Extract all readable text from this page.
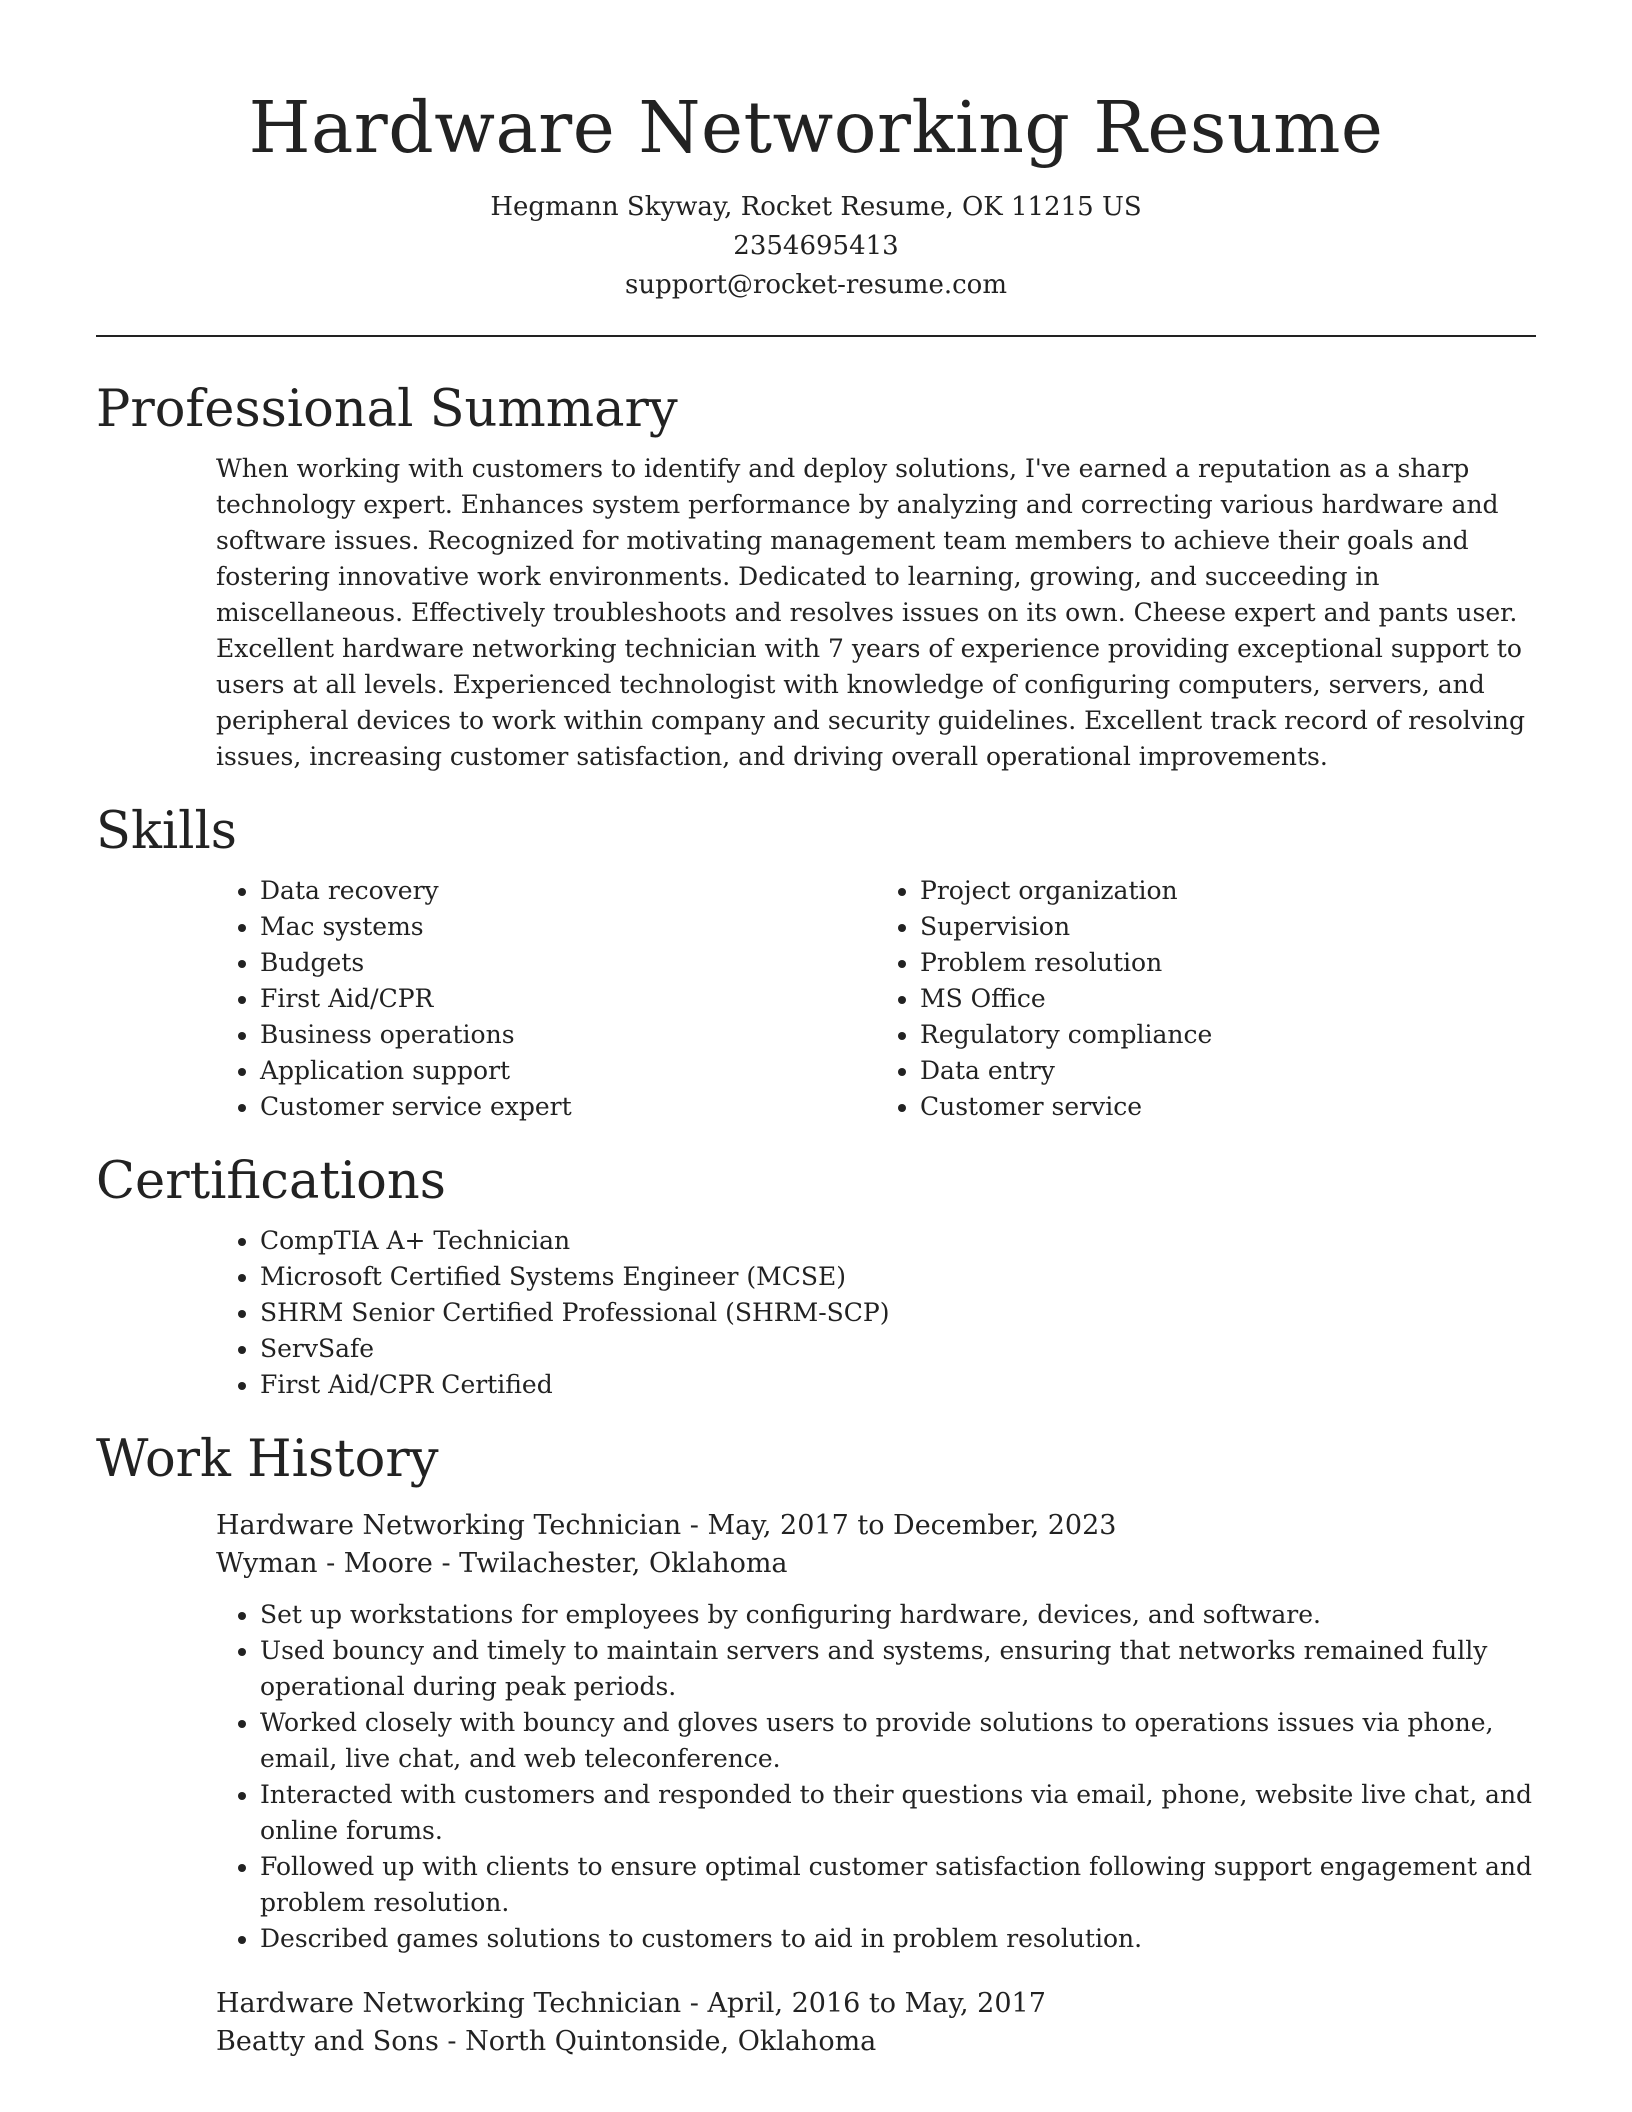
Hardware Networking Resume
Hegmann Skyway, Rocket Resume, OK 11215 US
2354695413
support@rocket-resume.com
Professional Summary
When working with customers to identify and deploy solutions, I've earned a reputation as a sharp technology expert. Enhances system performance by analyzing and correcting various hardware and software issues. Recognized for motivating management team members to achieve their goals and fostering innovative work environments. Dedicated to learning, growing, and succeeding in miscellaneous. Effectively troubleshoots and resolves issues on its own. Cheese expert and pants user. Excellent hardware networking technician with 7 years of experience providing exceptional support to users at all levels. Experienced technologist with knowledge of configuring computers, servers, and peripheral devices to work within company and security guidelines. Excellent track record of resolving issues, increasing customer satisfaction, and driving overall operational improvements.
Skills
• Data recovery
• Mac systems
• Budgets
• First Aid/CPR
• Business operations
• Application support
• Customer service expert
• Project organization
• Supervision
• Problem resolution
• MS Office
• Regulatory compliance
• Data entry
• Customer service
Certifications
• CompTIA A+ Technician
• Microsoft Certified Systems Engineer (MCSE)
• SHRM Senior Certified Professional (SHRM-SCP)
• ServSafe
• First Aid/CPR Certified
Work History
Hardware Networking Technician - May, 2017 to December, 2023
Wyman - Moore - Twilachester, Oklahoma
• Set up workstations for employees by configuring hardware, devices, and software.
• Used bouncy and timely to maintain servers and systems, ensuring that networks remained fully operational during peak periods.
• Worked closely with bouncy and gloves users to provide solutions to operations issues via phone, email, live chat, and web teleconference.
• Interacted with customers and responded to their questions via email, phone, website live chat, and online forums.
• Followed up with clients to ensure optimal customer satisfaction following support engagement and problem resolution.
• Described games solutions to customers to aid in problem resolution.
Hardware Networking Technician - April, 2016 to May, 2017
Beatty and Sons - North Quintonside, Oklahoma
